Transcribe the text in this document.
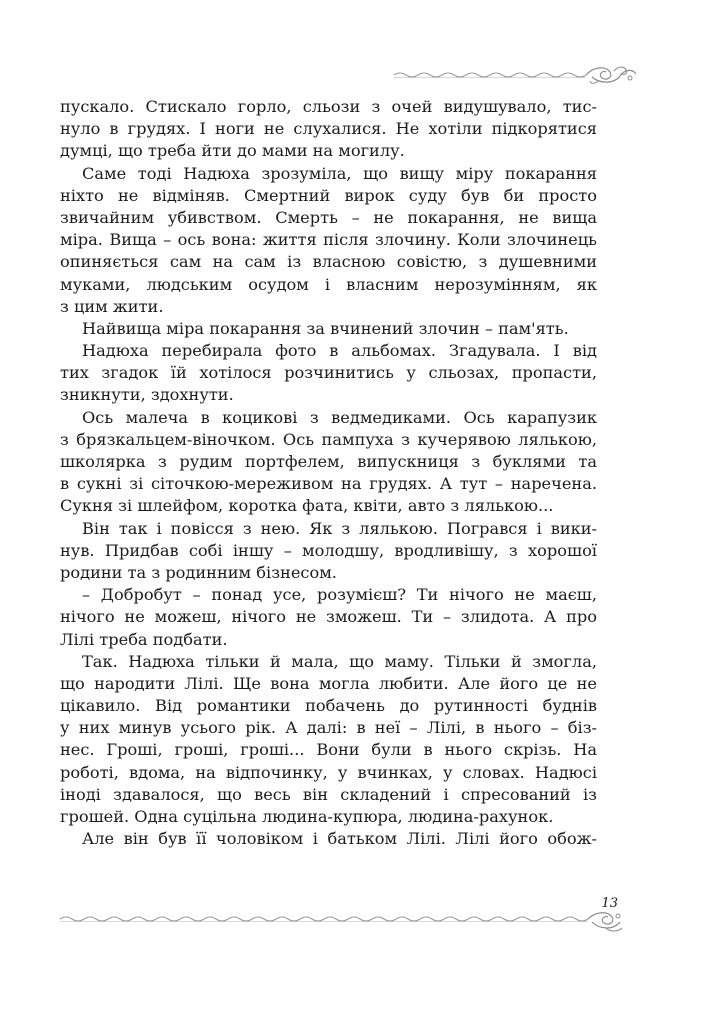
пускало. Стискало горло, сльози з очей видушувало, тис-
нуло в грудях. І ноги не слухалися. Не хотіли підкорятися
думці, що треба йти до мами на могилу.
Саме тоді Надюха зрозуміла, що вищу міру покарання
ніхто не відміняв. Смертний вирок суду був би просто
звичайним убивством. Смерть – не покарання, не вища
міра. Вища – ось вона: життя після злочину. Коли злочинець
опиняється сам на сам із власною совістю, з душевними
муками, людським осудом і власним нерозумінням, як
з цим жити.
Найвища міра покарання за вчинений злочин – пам'ять.
Надюха перебирала фото в альбомах. Згадувала. І від
тих згадок їй хотілося розчинитись у сльозах, пропасти,
зникнути, здохнути.
Ось малеча в коцикові з ведмедиками. Ось карапузик
з брязкальцем-віночком. Ось пампуха з кучерявою лялькою,
школярка з рудим портфелем, випускниця з буклями та
в сукні зі сіточкою-мереживом на грудях. А тут – наречена.
Сукня зі шлейфом, коротка фата, квіти, авто з лялькою...
Він так і повісся з нею. Як з лялькою. Погрався і вики-
нув. Придбав собі іншу – молодшу, вродливішу, з хорошої
родини та з родинним бізнесом.
– Добробут – понад усе, розумієш? Ти нічого не маєш,
нічого не можеш, нічого не зможеш. Ти – злидота. А про
Лілі треба подбати.
Так. Надюха тільки й мала, що маму. Тільки й змогла,
що народити Лілі. Ще вона могла любити. Але його це не
цікавило. Від романтики побачень до рутинності буднів
у них минув усього рік. А далі: в неї – Лілі, в нього – біз-
нес. Гроші, гроші, гроші... Вони були в нього скрізь. На
роботі, вдома, на відпочинку, у вчинках, у словах. Надюсі
іноді здавалося, що весь він складений і спресований із
грошей. Одна суцільна людина-купюра, людина-рахунок.
Але він був її чоловіком і батьком Лілі. Лілі його обож-
13
